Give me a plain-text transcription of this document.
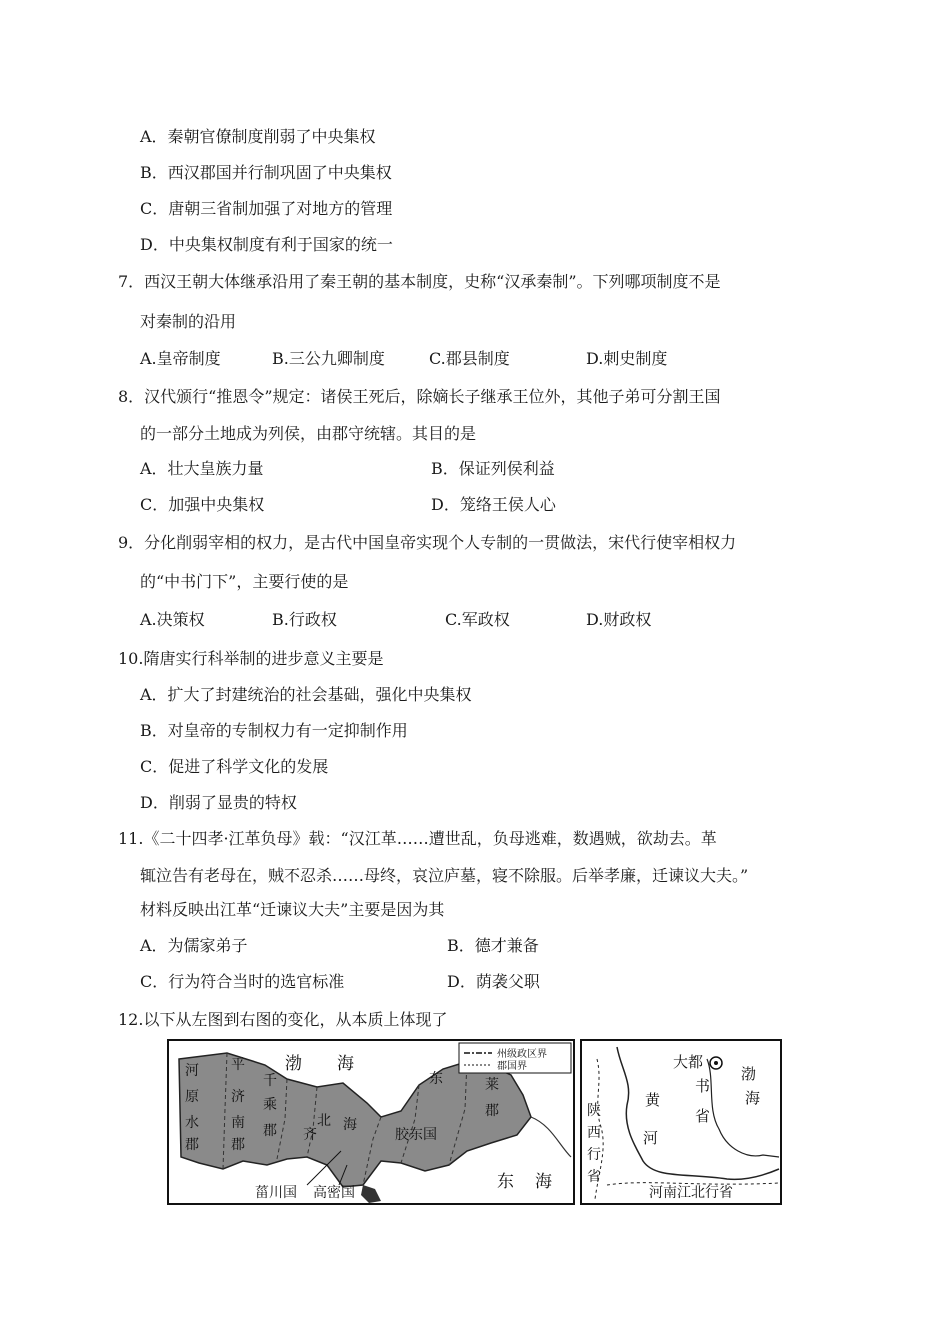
A．秦朝官僚制度削弱了中央集权
B．西汉郡国并行制巩固了中央集权
C．唐朝三省制加强了对地方的管理
D．中央集权制度有利于国家的统一
7．西汉王朝大体继承沿用了秦王朝的基本制度，史称“汉承秦制”。下列哪项制度不是
对秦制的沿用
A.皇帝制度	B.三公九卿制度	C.郡县制度	D.刺史制度
8．汉代颁行“推恩令”规定：诸侯王死后，除嫡长子继承王位外，其他子弟可分割王国
的一部分土地成为列侯，由郡守统辖。其目的是
A．壮大皇族力量	B．保证列侯利益
C．加强中央集权	D．笼络王侯人心
9．分化削弱宰相的权力，是古代中国皇帝实现个人专制的一贯做法，宋代行使宰相权力
的“中书门下”，主要行使的是
A.决策权	B.行政权	C.军政权	D.财政权
10.隋唐实行科举制的进步意义主要是
A．扩大了封建统治的社会基础，强化中央集权
B．对皇帝的专制权力有一定抑制作用
C．促进了科学文化的发展
D．削弱了显贵的特权
11.《二十四孝·江革负母》载：“汉江革……遭世乱，负母逃难，数遇贼，欲劫去。革
辄泣告有老母在，贼不忍杀……母终，哀泣庐墓，寝不除服。后举孝廉，迁谏议大夫。”
材料反映出江革“迁谏议大夫”主要是因为其
A．为儒家弟子	B．德才兼备
C．行为符合当时的选官标准	D．荫袭父职
12.以下从左图到右图的变化，从本质上体现了
州级政区界
郡国界
渤 海
东 海
河
原
水
郡
平
济
南
郡
千
乘
郡 齐
北 海
胶东国
东	莱
郡
菑川国 高密国
大都
书
省
黄
河
渤
海
陕
西
行
省
河南江北行省
